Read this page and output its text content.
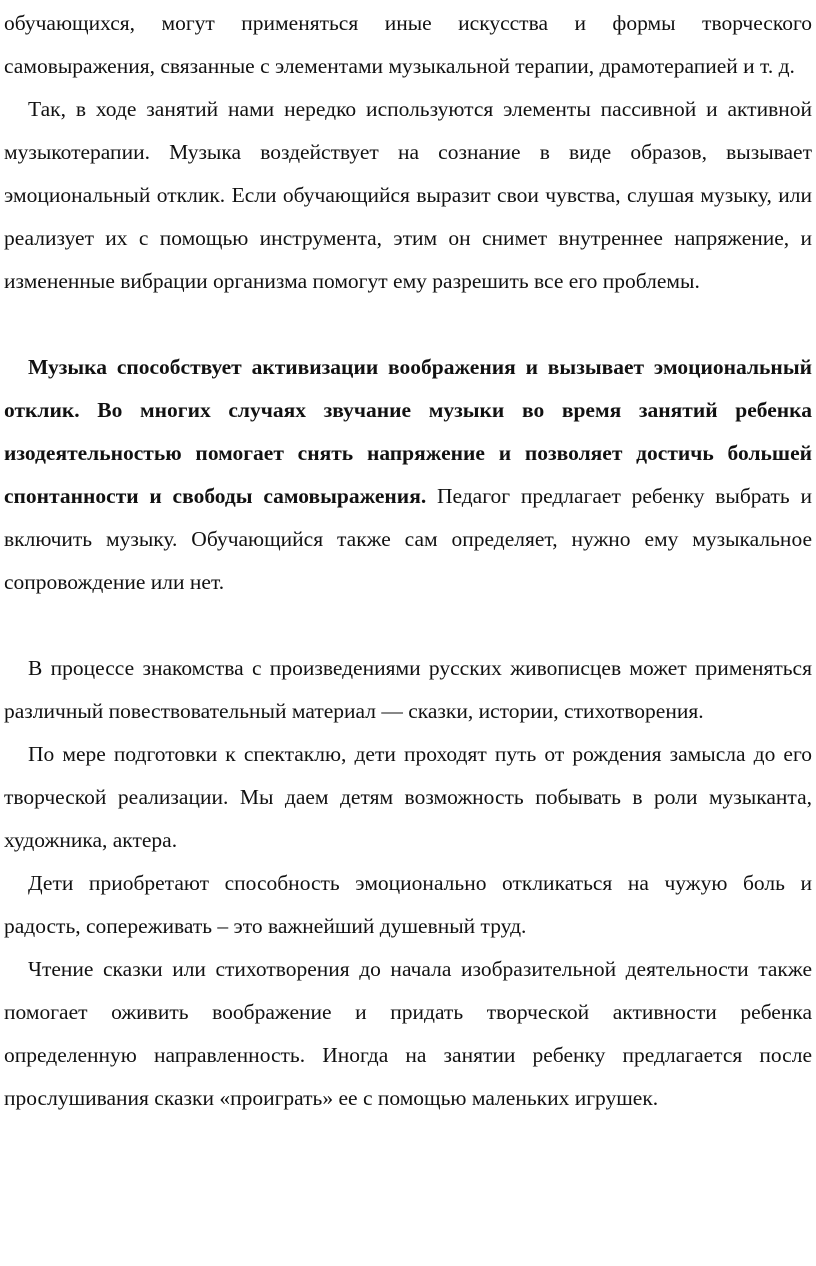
обучающихся, могут применяться иные искусства и формы творческого самовыражения, связанные с элементами музыкальной терапии, драмотерапией и т. д.

Так, в ходе занятий нами нередко используются элементы пассивной и активной музыкотерапии. Музыка воздействует на сознание в виде образов, вызывает эмоциональный отклик. Если обучающийся выразит свои чувства, слушая музыку, или реализует их с помощью инструмента, этим он снимет внутреннее напряжение, и измененные вибрации организма помогут ему разрешить все его проблемы.

Музыка способствует активизации воображения и вызывает эмоциональный отклик. Во многих случаях звучание музыки во время занятий ребенка изодеятельностью помогает снять напряжение и позволяет достичь большей спонтанности и свободы самовыражения. Педагог предлагает ребенку выбрать и включить музыку. Обучающийся также сам определяет, нужно ему музыкальное сопровождение или нет.

В процессе знакомства с произведениями русских живописцев может применяться различный повествовательный материал — сказки, истории, стихотворения.

По мере подготовки к спектаклю, дети проходят путь от рождения замысла до его творческой реализации. Мы даем детям возможность побывать в роли музыканта, художника, актера.

Дети приобретают способность эмоционально откликаться на чужую боль и радость, сопереживать – это важнейший душевный труд.

Чтение сказки или стихотворения до начала изобразительной деятельности также помогает оживить воображение и придать творческой активности ребенка определенную направленность. Иногда на занятии ребенку предлагается после прослушивания сказки «проиграть» ее с помощью маленьких игрушек.
